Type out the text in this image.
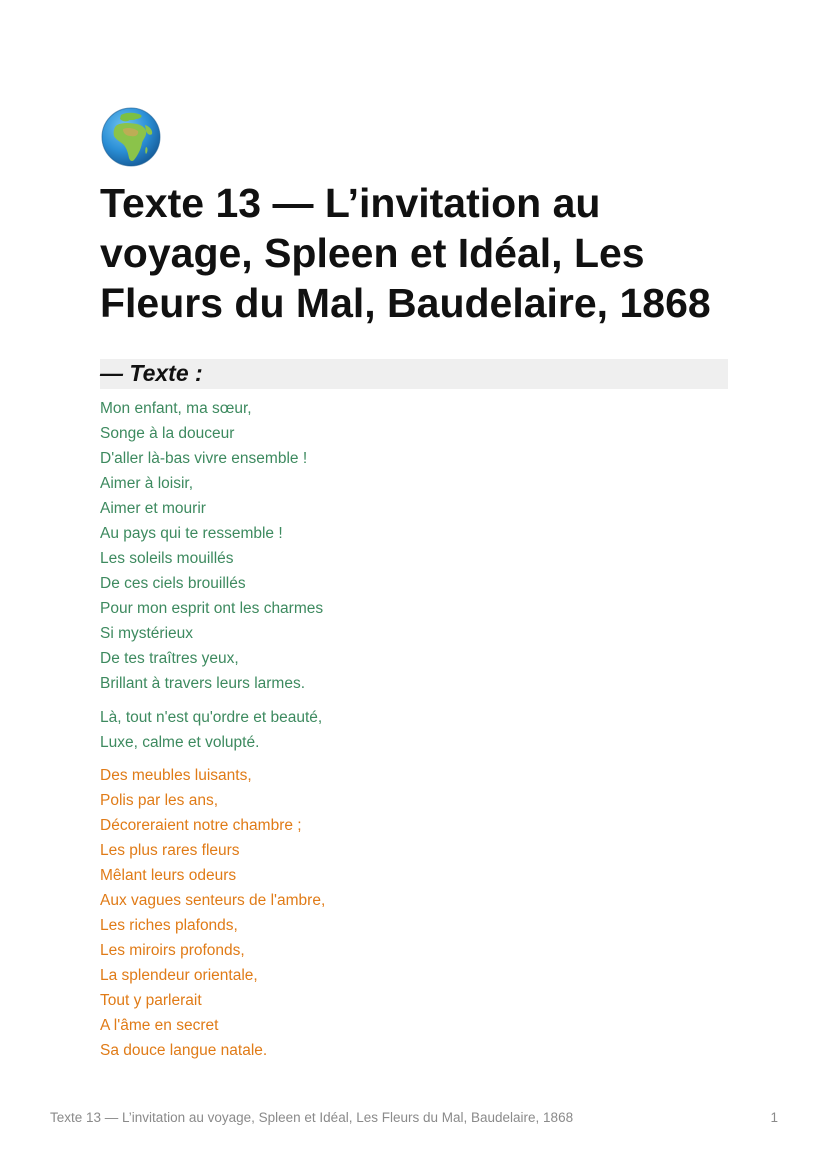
Texte 13 — L’invitation au voyage, Spleen et Idéal, Les Fleurs du Mal, Baudelaire, 1868
— Texte :
Mon enfant, ma sœur,
Songe à la douceur
D'aller là-bas vivre ensemble !
Aimer à loisir,
Aimer et mourir
Au pays qui te ressemble !
Les soleils mouillés
De ces ciels brouillés
Pour mon esprit ont les charmes
Si mystérieux
De tes traîtres yeux,
Brillant à travers leurs larmes.
Là, tout n'est qu'ordre et beauté,
Luxe, calme et volupté.
Des meubles luisants,
Polis par les ans,
Décoreraient notre chambre ;
Les plus rares fleurs
Mêlant leurs odeurs
Aux vagues senteurs de l'ambre,
Les riches plafonds,
Les miroirs profonds,
La splendeur orientale,
Tout y parlerait
A l'âme en secret
Sa douce langue natale.
Texte 13 — L’invitation au voyage, Spleen et Idéal, Les Fleurs du Mal, Baudelaire, 1868	1
